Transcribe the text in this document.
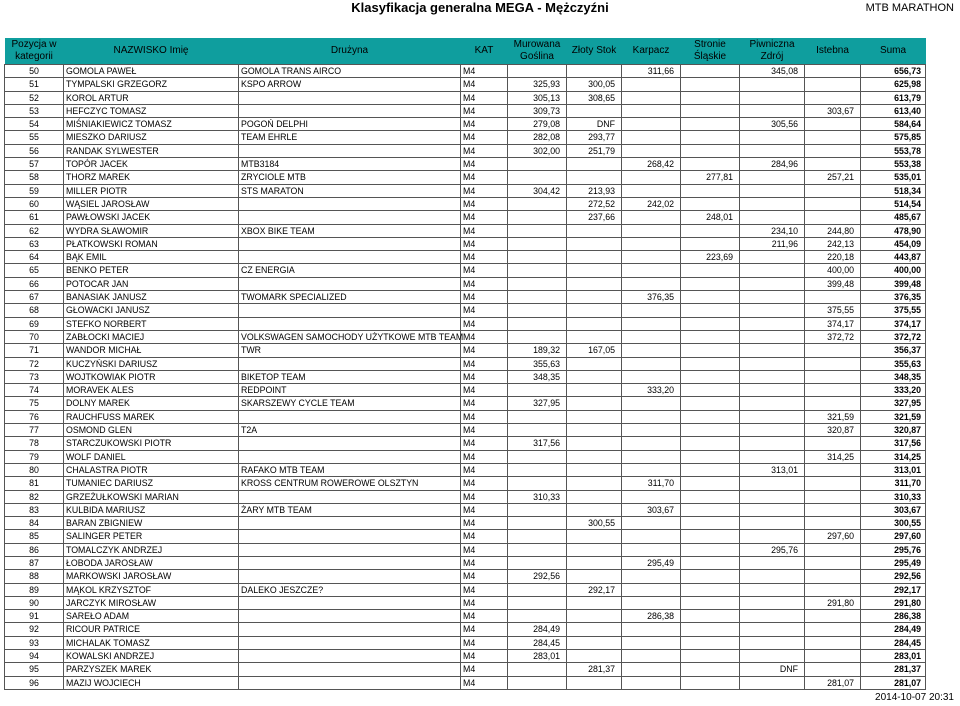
Klasyfikacja generalna MEGA - Mężczyźni	MTB MARATHON
Pozycja w kategorii	NAZWISKO Imię	Drużyna	KAT	Murowana Goślina	Złoty Stok	Karpacz	Stronie Śląskie	Piwniczna Zdrój	Istebna	Suma
50	GOMOLA PAWEŁ	GOMOLA TRANS AIRCO	M4			311,66		345,08		656,73
51	TYMPALSKI GRZEGORZ	KSPO ARROW	M4	325,93	300,05					625,98
52	KOROL ARTUR		M4	305,13	308,65					613,79
53	HEFCZYC TOMASZ		M4	309,73					303,67	613,40
54	MIŚNIAKIEWICZ TOMASZ	POGOŃ DELPHI	M4	279,08	DNF			305,56		584,64
55	MIESZKO DARIUSZ	TEAM EHRLE	M4	282,08	293,77					575,85
56	RANDAK SYLWESTER		M4	302,00	251,79					553,78
57	TOPÓR JACEK	MTB3184	M4			268,42		284,96		553,38
58	THORZ MAREK	ZRYCIOLE MTB	M4				277,81		257,21	535,01
59	MILLER PIOTR	STS MARATON	M4	304,42	213,93					518,34
60	WĄSIEL JAROSŁAW		M4		272,52	242,02				514,54
61	PAWŁOWSKI JACEK		M4		237,66		248,01			485,67
62	WYDRA SŁAWOMIR	XBOX BIKE TEAM	M4					234,10	244,80	478,90
63	PŁATKOWSKI ROMAN		M4					211,96	242,13	454,09
64	BĄK EMIL		M4				223,69		220,18	443,87
65	BENKO PETER	CZ ENERGIA	M4						400,00	400,00
66	POTOCAR JAN		M4						399,48	399,48
67	BANASIAK JANUSZ	TWOMARK SPECIALIZED	M4			376,35				376,35
68	GŁOWACKI JANUSZ		M4						375,55	375,55
69	STEFKO NORBERT		M4						374,17	374,17
70	ZABŁOCKI MACIEJ	VOLKSWAGEN SAMOCHODY UŻYTKOWE MTB TEAM	M4						372,72	372,72
71	WANDOR MICHAŁ	TWR	M4	189,32	167,05					356,37
72	KUCZYŃSKI DARIUSZ		M4	355,63						355,63
73	WOJTKOWIAK PIOTR	BIKETOP TEAM	M4	348,35						348,35
74	MORAVEK ALES	REDPOINT	M4			333,20				333,20
75	DOLNY MAREK	SKARSZEWY CYCLE TEAM	M4	327,95						327,95
76	RAUCHFUSS MAREK		M4						321,59	321,59
77	OSMOND GLEN	T2A	M4						320,87	320,87
78	STARCZUKOWSKI PIOTR		M4	317,56						317,56
79	WOLF DANIEL		M4						314,25	314,25
80	CHALASTRA PIOTR	RAFAKO MTB TEAM	M4					313,01		313,01
81	TUMANIEC DARIUSZ	KROSS CENTRUM ROWEROWE OLSZTYN	M4			311,70				311,70
82	GRZEŻUŁKOWSKI MARIAN		M4	310,33						310,33
83	KULBIDA MARIUSZ	ŻARY MTB TEAM	M4			303,67				303,67
84	BARAN ZBIGNIEW		M4		300,55					300,55
85	SALINGER PETER		M4						297,60	297,60
86	TOMALCZYK ANDRZEJ		M4					295,76		295,76
87	ŁOBODA JAROSŁAW		M4			295,49				295,49
88	MARKOWSKI JAROSŁAW		M4	292,56						292,56
89	MĄKOL KRZYSZTOF	DALEKO JESZCZE?	M4		292,17					292,17
90	JARCZYK MIROSŁAW		M4						291,80	291,80
91	SAREŁO ADAM		M4			286,38				286,38
92	RICOUR PATRICE		M4	284,49						284,49
93	MICHALAK TOMASZ		M4	284,45						284,45
94	KOWALSKI ANDRZEJ		M4	283,01						283,01
95	PARZYSZEK MAREK		M4		281,37			DNF		281,37
96	MAZIJ WOJCIECH		M4						281,07	281,07
2014-10-07 20:31
